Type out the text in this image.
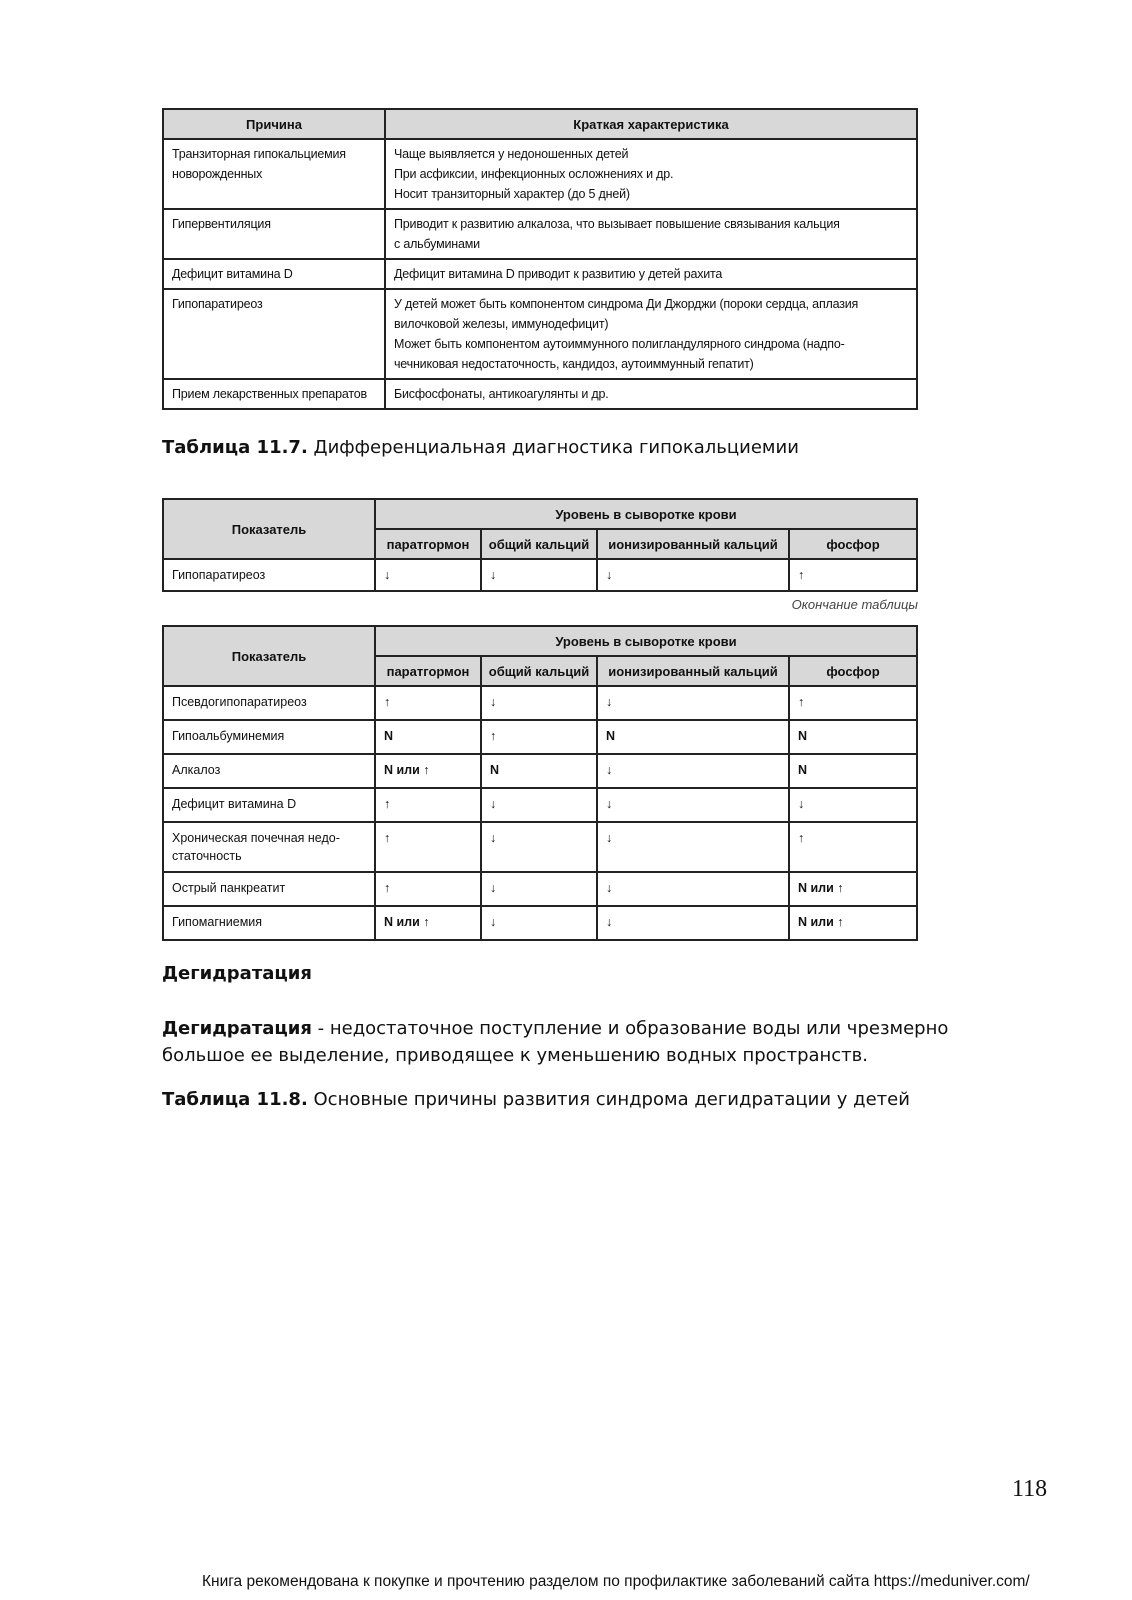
Причина	Краткая характеристика

Транзиторная гипокальциемия
новорожденных	Чаще выявляется у недоношенных детей
При асфиксии, инфекционных осложнениях и др.
Носит транзиторный характер (до 5 дней)

Гипервентиляция	Приводит к развитию алкалоза, что вызывает повышение связывания кальция
с альбуминами

Дефицит витамина D	Дефицит витамина D приводит к развитию у детей рахита

Гипопаратиреоз	У детей может быть компонентом синдрома Ди Джорджи (пороки сердца, аплазия
вилочковой железы, иммунодефицит)
Может быть компонентом аутоиммунного полигландулярного синдрома (надпо-
чечниковая недостаточность, кандидоз, аутоиммунный гепатит)

Прием лекарственных препаратов	Бисфосфонаты, антикоагулянты и др.
Таблица 11.7. Дифференциальная диагностика гипокальциемии
Показатель	Уровень в сыворотке крови			
	паратгормон	общий кальций	ионизированный кальций	фосфор
Гипопаратиреоз	↓	↓	↓	↑
Окончание таблицы
Показатель	Уровень в сыворотке крови			
	паратгормон	общий кальций	ионизированный кальций	фосфор
Псевдогипопаратиреоз	↑	↓	↓	↑
Гипоальбуминемия	N	↑	N	N
Алкалоз	N или ↑	N	↓	N
Дефицит витамина D	↑	↓	↓	↓
Хроническая почечная недо-
статочность	↑	↓	↓	↑
Острый панкреатит	↑	↓	↓	N или ↑
Гипомагниемия	N или ↑	↓	↓	N или ↑
Дегидратация
Дегидратация - недостаточное поступление и образование воды или чрезмерно большое ее выделение, приводящее к уменьшению водных пространств.
Таблица 11.8. Основные причины развития синдрома дегидратации у детей
118
Книга рекомендована к покупке и прочтению разделом по профилактике заболеваний сайта https://meduniver.com/
